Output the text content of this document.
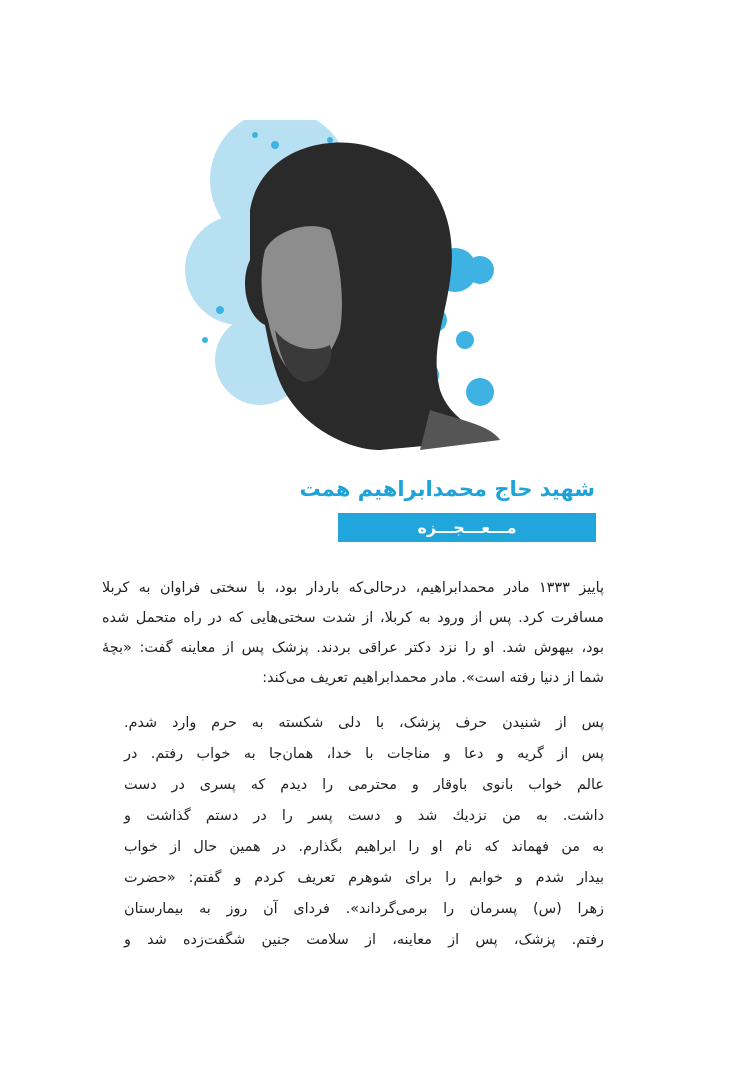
شهید حاج محمدابراهیم همت
مـــعـــجـــزه
پاییز ۱۳۳۳ مادر محمدابراهیم، درحالی‌که باردار بود، با سختی فراوان به کربلا
مسافرت کرد. پس از ورود به کربلا، از شدت سختی‌هایی که در راه متحمل شده
بود، بیهوش شد. او را نزد دکتر عراقی بردند. پزشک پس از معاینه گفت: «بچهٔ
شما از دنیا رفته است». مادر محمدابراهیم تعریف می‌کند:
پس از شنیدن حرف پزشک، با دلی شکسته به حرم وارد شدم.
پس از گریه و دعا و مناجات با خدا، همان‌جا به خواب رفتم. در
عالم خواب بانوی باوقار و محترمی را دیدم که پسری در دست
داشت. به من نزدیك شد و دست پسر را در دستم گذاشت و
به من فهماند که نام او را ابراهیم بگذارم. در همین حال از خواب
بیدار شدم و خوابم را برای شوهرم تعریف کردم و گفتم: «حضرت
زهرا (س) پسرمان را برمی‌گرداند». فردای آن روز به بیمارستان
رفتم. پزشک، پس از معاینه، از سلامت جنین شگفت‌زده شد و
